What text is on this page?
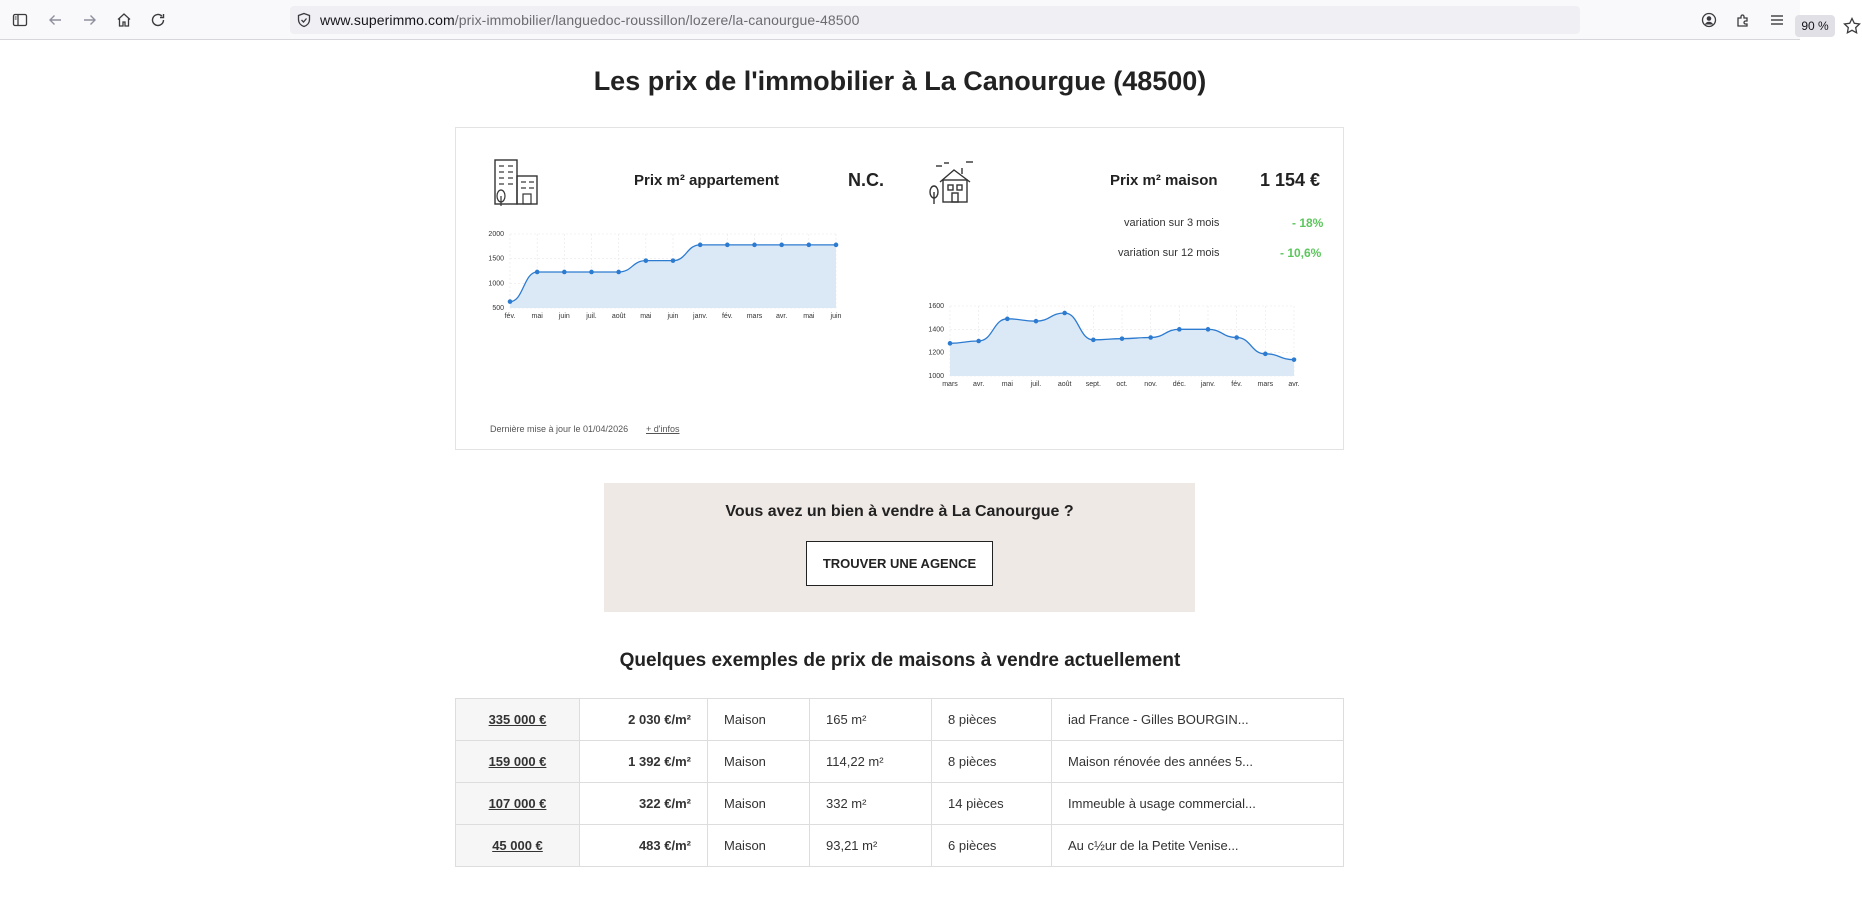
www.superimmo.com/prix-immobilier/languedoc-roussillon/lozere/la-canourgue-48500	90 %
Les prix de l'immobilier à La Canourgue (48500)
Prix m² appartement	N.C.
2000
1500
1000
500
fév. mai juin juil. août mai juin janv. fév. mars avr. mai juin
Prix m² maison 1 154 €
variation sur 3 mois	- 18%
variation sur 12 mois	- 10,6%
1600
1400
1200
1000
mars avr. mai	juil. août sept. oct. nov. déc. janv. fév. mars avr.
Dernière mise à jour le 01/04/2026 + d'infos
Vous avez un bien à vendre à La Canourgue ?
TROUVER UNE AGENCE
Quelques exemples de prix de maisons à vendre actuellement
335 000 €	2 030 €/m²	Maison	165 m²	8 pièces	iad France - Gilles BOURGIN...
159 000 €	1 392 €/m²	Maison	114,22 m²	8 pièces	Maison rénovée des années 5...
107 000 €	322 €/m²	Maison	332 m²	14 pièces	Immeuble à usage commercial...
45 000 €	483 €/m²	Maison	93,21 m²	6 pièces	Au c½ur de la Petite Venise...
